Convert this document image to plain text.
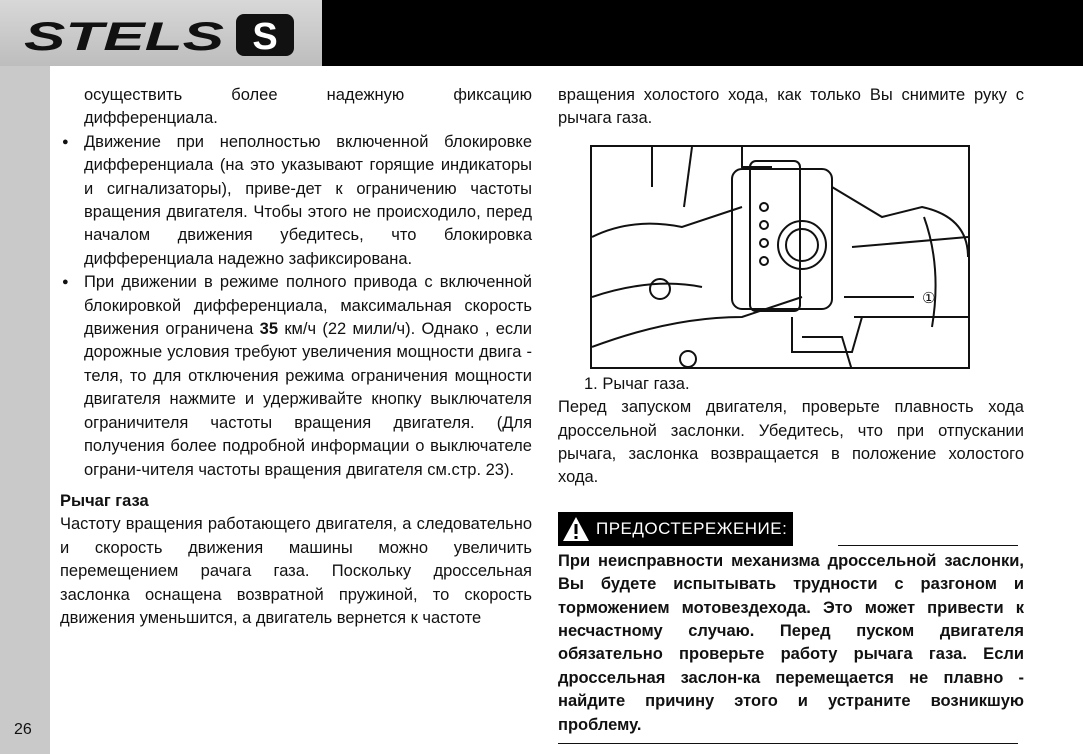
STELS S
26

осуществить более надежную фиксацию дифференциала.

● Движение при неполностью включенной блокировке дифференциала (на это указывают горящие индикаторы и сигнализаторы), приве-дет к ограничению частоты вращения двигателя. Чтобы этого не происходило, перед началом движения убедитесь, что блокировка дифференциала надежно зафиксирована.

● При движении в режиме полного привода с включенной блокировкой дифференциала, максимальная скорость движения ограничена 35 км/ч (22 мили/ч). Однако , если дорожные условия требуют увеличения мощности двига - теля, то для отключения режима ограничения мощности двигателя нажмите и удерживайте кнопку выключателя ограничителя частоты вращения двигателя. (Для получения более подробной информации о выключателе ограни-чителя частоты вращения двигателя см.стр. 23).

Рычаг газа

Частоту вращения работающего двигателя, а следовательно и скорость движения машины можно увеличить перемещением рачага газа. Поскольку дроссельная заслонка оснащена возвратной пружиной, то скорость движения уменьшится, а двигатель вернется к частоте

вращения холостого хода, как только Вы снимите руку с рычага газа.

①

1. Рычаг газа.

Перед запуском двигателя, проверьте плавность хода дроссельной заслонки. Убедитесь, что при отпускании рычага, заслонка возвращается в положение холостого хода.

ПРЕДОСТЕРЕЖЕНИЕ:

При неисправности механизма дроссельной заслонки, Вы будете испытывать трудности с разгоном и торможением мотовездехода. Это может привести к несчастному случаю. Перед пуском двигателя обязательно проверьте работу рычага газа. Если дроссельная заслон-ка перемещается не плавно - найдите причину этого и устраните возникшую проблему.
